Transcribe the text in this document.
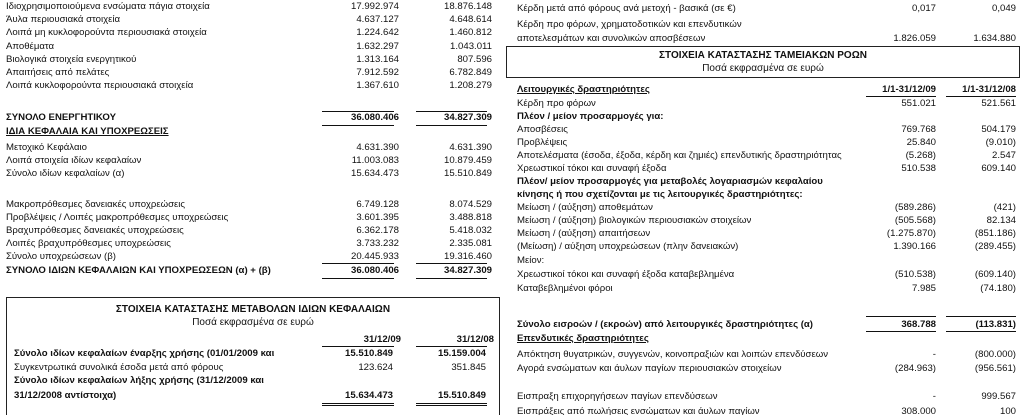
Ιδιοχρησιμοποιούμενα ενσώματα πάγια στοιχεία	17.992.974	18.876.148
Άυλα περιουσιακά στοιχεία	4.637.127	4.648.614
Λοιπά μη κυκλοφορούντα περιουσιακά στοιχεία	1.224.642	1.460.812
Αποθέματα	1.632.297	1.043.011
Βιολογικά στοιχεία ενεργητικού	1.313.164	807.596
Απαιτήσεις από πελάτες	7.912.592	6.782.849
Λοιπά κυκλοφορούντα περιουσιακά στοιχεία	1.367.610	1.208.279
ΣΥΝΟΛΟ ΕΝΕΡΓΗΤΙΚΟΥ	36.080.406	34.827.309
ΙΔΙΑ ΚΕΦΑΛΑΙΑ ΚΑΙ ΥΠΟΧΡΕΩΣΕΙΣ
Μετοχικό Κεφάλαιο	4.631.390	4.631.390
Λοιπά στοιχεία ιδίων κεφαλαίων	11.003.083	10.879.459
Σύνολο ιδίων κεφαλαίων (α)	15.634.473	15.510.849
Μακροπρόθεσμες δανειακές υποχρεώσεις	6.749.128	8.074.529
Προβλέψεις / Λοιπές μακροπρόθεσμες υποχρεώσεις	3.601.395	3.488.818
Βραχυπρόθεσμες δανειακές υποχρεώσεις	6.362.178	5.418.032
Λοιπές βραχυπρόθεσμες υποχρεώσεις	3.733.232	2.335.081
Σύνολο υποχρεώσεων (β)	20.445.933	19.316.460
ΣΥΝΟΛΟ ΙΔΙΩΝ ΚΕΦΑΛΑΙΩΝ ΚΑΙ ΥΠΟΧΡΕΩΣΕΩΝ (α) + (β)	36.080.406	34.827.309
ΣΤΟΙΧΕΙΑ ΚΑΤΑΣΤΑΣΗΣ ΜΕΤΑΒΟΛΩΝ ΙΔΙΩΝ ΚΕΦΑΛΑΙΩΝ
Ποσά εκφρασμένα σε ευρώ
31/12/09	31/12/08
Σύνολο ιδίων κεφαλαίων έναρξης χρήσης (01/01/2009 και	15.510.849	15.159.004
Συγκεντρωτικά συνολικά έσοδα μετά από φόρους	123.624	351.845
Σύνολο ιδίων κεφαλαίων λήξης χρήσης (31/12/2009 και
31/12/2008 αντίστοιχα)	15.634.473	15.510.849
Κέρδη μετά από φόρους ανά μετοχή - βασικά (σε €)	0,017	0,049
Κέρδη προ φόρων, χρηματοδοτικών και επενδυτικών
αποτελεσμάτων και συνολικών αποσβέσεων	1.826.059	1.634.880
ΣΤΟΙΧΕΙΑ ΚΑΤΑΣΤΑΣΗΣ ΤΑΜΕΙΑΚΩΝ ΡΟΩΝ
Ποσά εκφρασμένα σε ευρώ
Λειτουργικές δραστηριότητες	1/1-31/12/09	1/1-31/12/08
Κέρδη προ φόρων	551.021	521.561
Πλέον / μείον προσαρμογές για:
Αποσβέσεις	769.768	504.179
Προβλέψεις	25.840	(9.010)
Αποτελέσματα (έσοδα, έξοδα, κέρδη και ζημιές) επενδυτικής δραστηριότητας	(5.268)	2.547
Χρεωστικοί τόκοι και συναφή έξοδα	510.538	609.140
Πλέον/ μείον προσαρμογές για μεταβολές λογαριασμών κεφαλαίου
κίνησης ή που σχετίζονται με τις λειτουργικές δραστηριότητες:
Μείωση / (αύξηση) αποθεμάτων	(589.286)	(421)
Μείωση / (αύξηση) βιολογικών περιουσιακών στοιχείων	(505.568)	82.134
Μείωση / (αύξηση) απαιτήσεων	(1.275.870)	(851.186)
(Μείωση) / αύξηση υποχρεώσεων (πλην δανειακών)	1.390.166	(289.455)
Μείον:
Χρεωστικοί τόκοι και συναφή έξοδα καταβεβλημένα	(510.538)	(609.140)
Καταβεβλημένοι φόροι	7.985	(74.180)
Σύνολο εισροών / (εκροών) από λειτουργικές δραστηριότητες (α)	368.788	(113.831)
Επενδυτικές δραστηριότητες
Απόκτηση θυγατρικών, συγγενών, κοινοπραξιών και λοιπών επενδύσεων	-	(800.000)
Αγορά ενσώματων και άυλων παγίων περιουσιακών στοιχείων	(284.963)	(956.561)
Εισπραξη επιχορηγήσεων παγίων επενδύσεων	-	999.567
Εισπράξεις από πωλήσεις ενσώματων και άυλων παγίων	308.000	100
